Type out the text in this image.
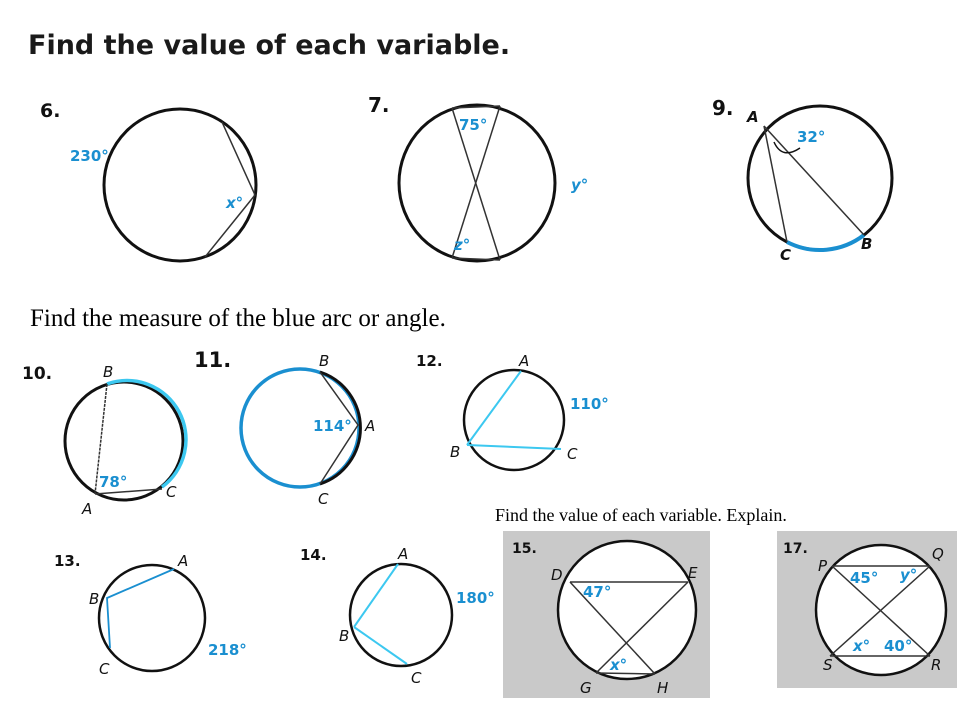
Find the value of each variable.
Find the measure of the blue arc or angle.
Find the value of each variable. Explain.
6.	7.	9.
10.
11.	12.
13.	14.	15.	17.
230°
x°
75°
y°
z°
A
32°
C
B
B
78°
A
C
B
114° A
C
A
110°
B	C
A
B
C
218°
A
180°
B
C
D	E
47°
x°
G	H
P
Q
45° y°
x° 40°
S	R
